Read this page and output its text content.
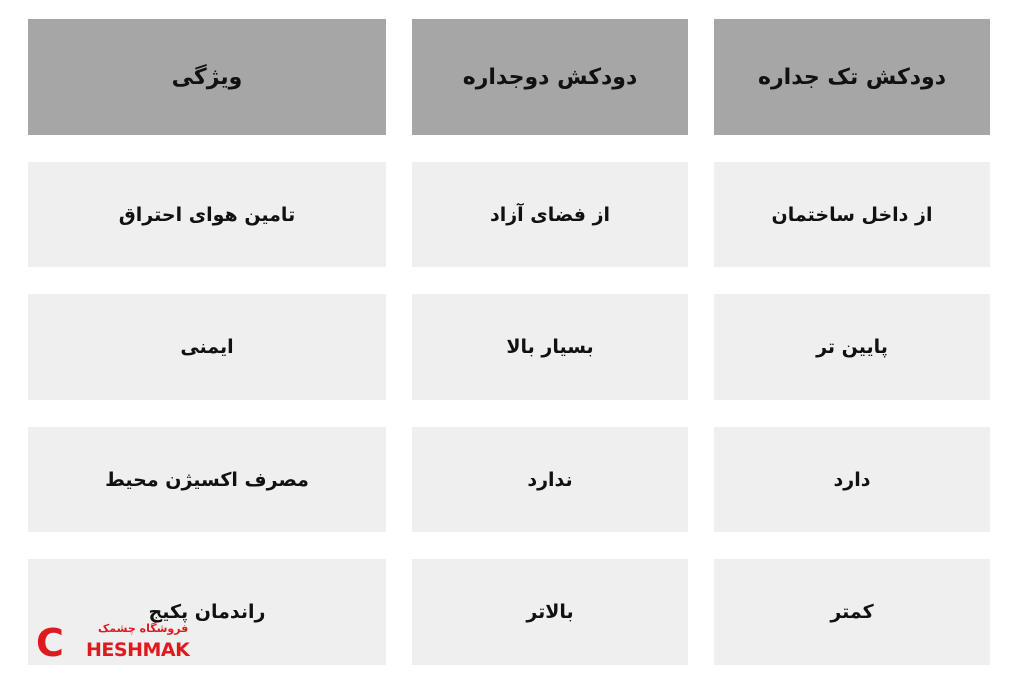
ویژگی	دودکش دوجداره	دودکش تک جداره
تامین هوای احتراق	از فضای آزاد	از داخل ساختمان
ایمنی	بسیار بالا	پایین تر
مصرف اکسیژن محیط	ندارد	دارد
راندمان پکیج	بالاتر	کمتر
C	فروشگاه چشمک
HESHMAK
